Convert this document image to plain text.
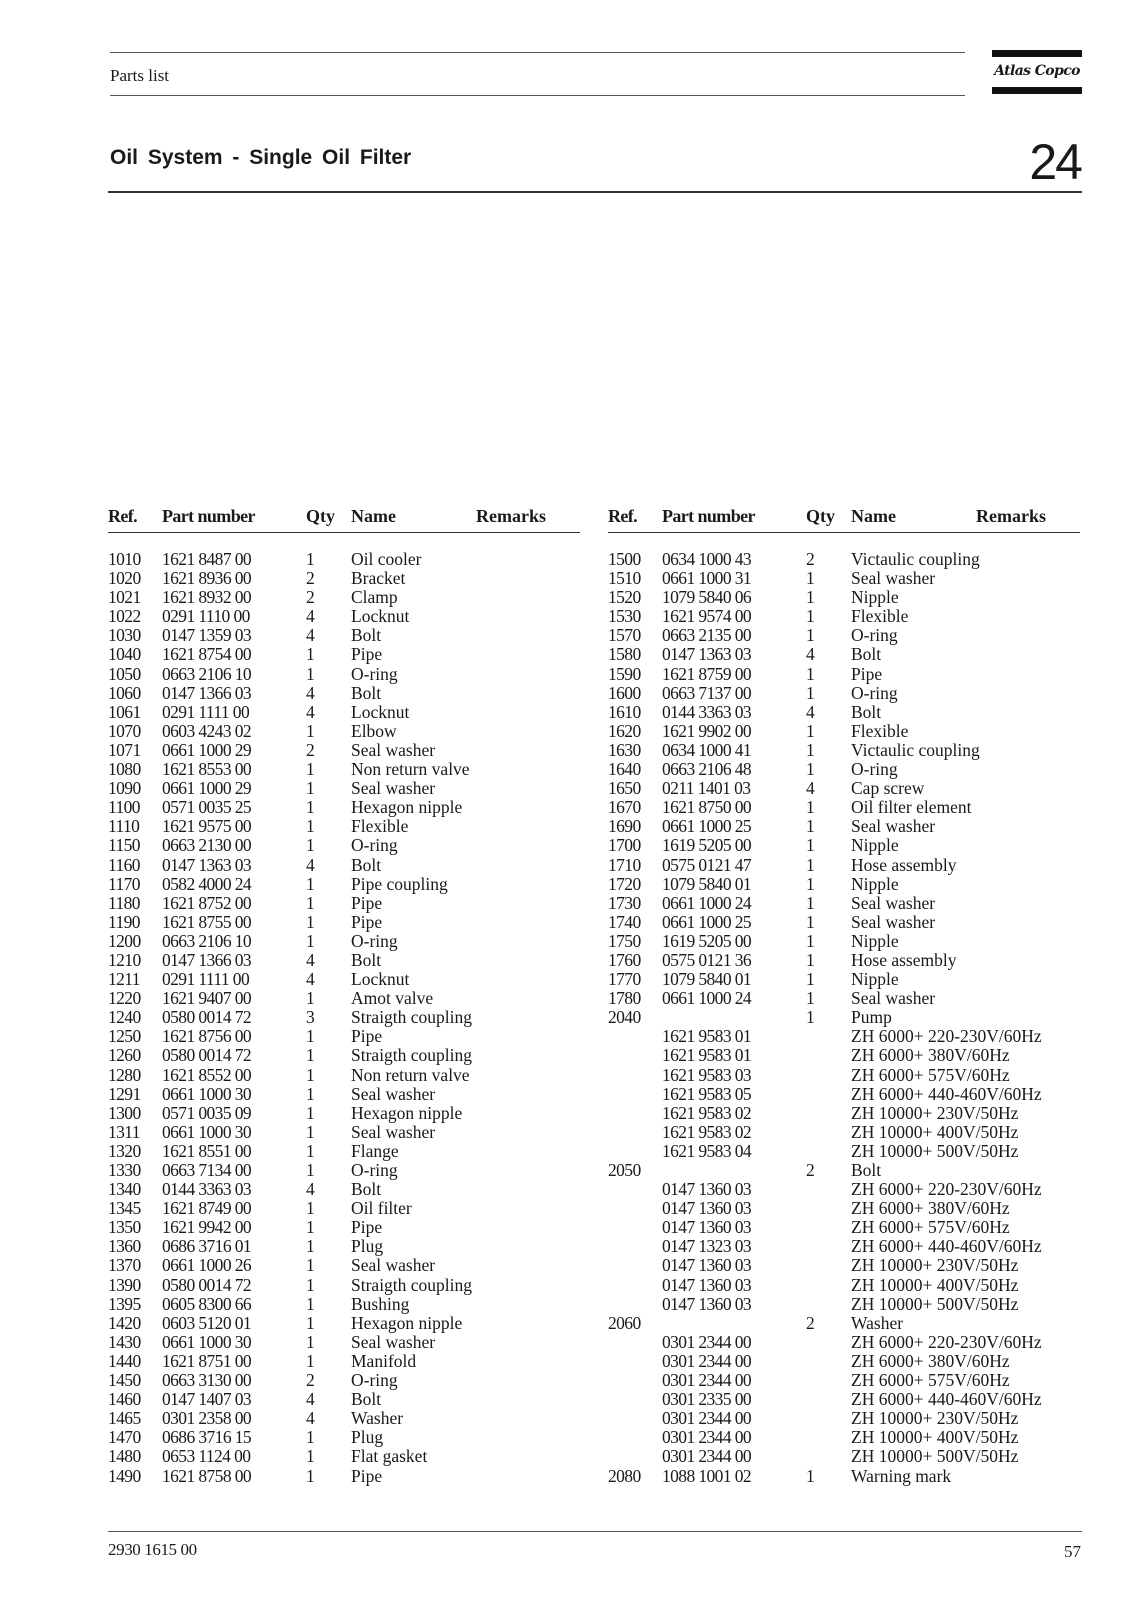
Parts list	Atlas Copco
Oil System - Single Oil Filter	24
Ref. Part number	Qty Name	Remarks
1010 1621 8487 00	1 Oil cooler
1020 1621 8936 00	2 Bracket
1021 1621 8932 00	2 Clamp
1022 0291 1110 00	4 Locknut
1030 0147 1359 03	4 Bolt
1040 1621 8754 00	1 Pipe
1050 0663 2106 10	1 O-ring
1060 0147 1366 03	4 Bolt
1061 0291 1111 00	4 Locknut
1070 0603 4243 02	1 Elbow
1071 0661 1000 29	2 Seal washer
1080 1621 8553 00	1 Non return valve
1090 0661 1000 29	1 Seal washer
1100 0571 0035 25	1 Hexagon nipple
1110 1621 9575 00	1 Flexible
1150 0663 2130 00	1 O-ring
1160 0147 1363 03	4 Bolt
1170 0582 4000 24	1 Pipe coupling
1180 1621 8752 00	1 Pipe
1190 1621 8755 00	1 Pipe
1200 0663 2106 10	1 O-ring
1210 0147 1366 03	4 Bolt
1211 0291 1111 00	4 Locknut
1220 1621 9407 00	1 Amot valve
1240 0580 0014 72	3 Straigth coupling
1250 1621 8756 00	1 Pipe
1260 0580 0014 72	1 Straigth coupling
1280 1621 8552 00	1 Non return valve
1291 0661 1000 30	1 Seal washer
1300 0571 0035 09	1 Hexagon nipple
1311 0661 1000 30	1 Seal washer
1320 1621 8551 00	1 Flange
1330 0663 7134 00	1 O-ring
1340 0144 3363 03	4 Bolt
1345 1621 8749 00	1 Oil filter
1350 1621 9942 00	1 Pipe
1360 0686 3716 01	1 Plug
1370 0661 1000 26	1 Seal washer
1390 0580 0014 72	1 Straigth coupling
1395 0605 8300 66	1 Bushing
1420 0603 5120 01	1 Hexagon nipple
1430 0661 1000 30	1 Seal washer
1440 1621 8751 00	1 Manifold
1450 0663 3130 00	2 O-ring
1460 0147 1407 03	4 Bolt
1465 0301 2358 00	4 Washer
1470 0686 3716 15	1 Plug
1480 0653 1124 00	1 Flat gasket
1490 1621 8758 00	1 Pipe
Ref. Part number	Qty Name	Remarks
1500 0634 1000 43	2 Victaulic coupling
1510 0661 1000 31	1 Seal washer
1520 1079 5840 06	1 Nipple
1530 1621 9574 00	1 Flexible
1570 0663 2135 00	1 O-ring
1580 0147 1363 03	4 Bolt
1590 1621 8759 00	1 Pipe
1600 0663 7137 00	1 O-ring
1610 0144 3363 03	4 Bolt
1620 1621 9902 00	1 Flexible
1630 0634 1000 41	1 Victaulic coupling
1640 0663 2106 48	1 O-ring
1650 0211 1401 03	4 Cap screw
1670 1621 8750 00	1 Oil filter element
1690 0661 1000 25	1 Seal washer
1700 1619 5205 00	1 Nipple
1710 0575 0121 47	1 Hose assembly
1720 1079 5840 01	1 Nipple
1730 0661 1000 24	1 Seal washer
1740 0661 1000 25	1 Seal washer
1750 1619 5205 00	1 Nipple
1760 0575 0121 36	1 Hose assembly
1770 1079 5840 01	1 Nipple
1780 0661 1000 24	1 Seal washer
2040	1 Pump
1621 9583 01	ZH 6000+ 220-230V/60Hz
1621 9583 01	ZH 6000+ 380V/60Hz
1621 9583 03	ZH 6000+ 575V/60Hz
1621 9583 05	ZH 6000+ 440-460V/60Hz
1621 9583 02	ZH 10000+ 230V/50Hz
1621 9583 02	ZH 10000+ 400V/50Hz
1621 9583 04	ZH 10000+ 500V/50Hz
2050	2 Bolt
0147 1360 03	ZH 6000+ 220-230V/60Hz
0147 1360 03	ZH 6000+ 380V/60Hz
0147 1360 03	ZH 6000+ 575V/60Hz
0147 1323 03	ZH 6000+ 440-460V/60Hz
0147 1360 03	ZH 10000+ 230V/50Hz
0147 1360 03	ZH 10000+ 400V/50Hz
0147 1360 03	ZH 10000+ 500V/50Hz
2060	2 Washer
0301 2344 00	ZH 6000+ 220-230V/60Hz
0301 2344 00	ZH 6000+ 380V/60Hz
0301 2344 00	ZH 6000+ 575V/60Hz
0301 2335 00	ZH 6000+ 440-460V/60Hz
0301 2344 00	ZH 10000+ 230V/50Hz
0301 2344 00	ZH 10000+ 400V/50Hz
0301 2344 00	ZH 10000+ 500V/50Hz
2080 1088 1001 02	1 Warning mark
2930 1615 00	57
